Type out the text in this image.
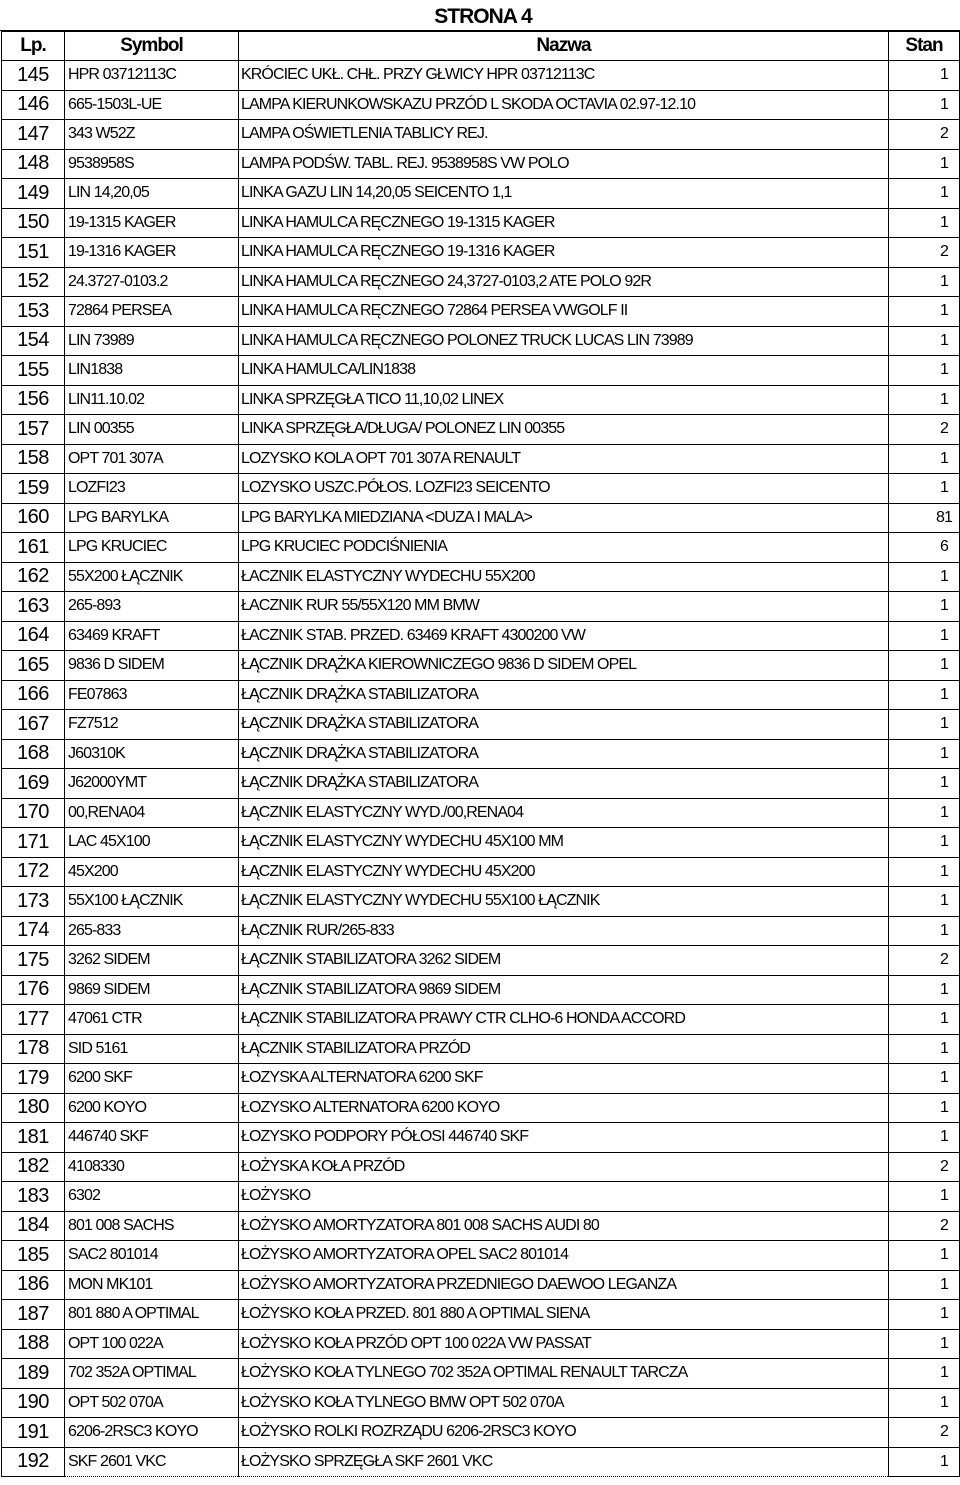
STRONA 4
Lp.	Symbol	Nazwa	Stan
145	HPR 03712113C	KRÓCIEC UKŁ. CHŁ. PRZY GŁWICY HPR 03712113C	1
146	665-1503L-UE	LAMPA KIERUNKOWSKAZU PRZÓD L SKODA OCTAVIA 02.97-12.10	1
147	343 W52Z	LAMPA OŚWIETLENIA TABLICY REJ.	2
148	9538958S	LAMPA PODŚW. TABL. REJ. 9538958S VW POLO	1
149	LIN 14,20,05	LINKA GAZU LIN 14,20,05 SEICENTO 1,1	1
150	19-1315 KAGER	LINKA HAMULCA RĘCZNEGO 19-1315 KAGER	1
151	19-1316 KAGER	LINKA HAMULCA RĘCZNEGO 19-1316 KAGER	2
152	24.3727-0103.2	LINKA HAMULCA RĘCZNEGO 24,3727-0103,2 ATE POLO 92R	1
153	72864 PERSEA	LINKA HAMULCA RĘCZNEGO 72864 PERSEA VWGOLF II	1
154	LIN 73989	LINKA HAMULCA RĘCZNEGO POLONEZ TRUCK LUCAS LIN 73989	1
155	LIN1838	LINKA HAMULCA/LIN1838	1
156	LIN11.10.02	LINKA SPRZĘGŁA TICO 11,10,02 LINEX	1
157	LIN 00355	LINKA SPRZĘGŁA/DŁUGA/ POLONEZ LIN 00355	2
158	OPT 701 307A	LOZYSKO KOLA OPT 701 307A RENAULT	1
159	LOZFI23	LOZYSKO USZC.PÓŁOS. LOZFI23 SEICENTO	1
160	LPG BARYLKA	LPG BARYLKA MIEDZIANA <DUZA I MALA>	81
161	LPG KRUCIEC	LPG KRUCIEC PODCIŚNIENIA	6
162	55X200 ŁĄCZNIK	ŁACZNIK ELASTYCZNY WYDECHU 55X200	1
163	265-893	ŁACZNIK RUR 55/55X120 MM BMW	1
164	63469 KRAFT	ŁACZNIK STAB. PRZED. 63469 KRAFT 4300200 VW	1
165	9836 D SIDEM	ŁĄCZNIK DRĄŻKA KIEROWNICZEGO 9836 D SIDEM OPEL	1
166	FE07863	ŁĄCZNIK DRĄŻKA STABILIZATORA	1
167	FZ7512	ŁĄCZNIK DRĄŻKA STABILIZATORA	1
168	J60310K	ŁĄCZNIK DRĄŻKA STABILIZATORA	1
169	J62000YMT	ŁĄCZNIK DRĄŻKA STABILIZATORA	1
170	00,RENA04	ŁĄCZNIK ELASTYCZNY WYD./00,RENA04	1
171	LAC 45X100	ŁĄCZNIK ELASTYCZNY WYDECHU 45X100 MM	1
172	45X200	ŁĄCZNIK ELASTYCZNY WYDECHU 45X200	1
173	55X100 ŁĄCZNIK	ŁĄCZNIK ELASTYCZNY WYDECHU 55X100 ŁĄCZNIK	1
174	265-833	ŁĄCZNIK RUR/265-833	1
175	3262 SIDEM	ŁĄCZNIK STABILIZATORA 3262 SIDEM	2
176	9869 SIDEM	ŁĄCZNIK STABILIZATORA 9869 SIDEM	1
177	47061 CTR	ŁĄCZNIK STABILIZATORA PRAWY CTR CLHO-6 HONDA ACCORD	1
178	SID 5161	ŁĄCZNIK STABILIZATORA PRZÓD	1
179	6200 SKF	ŁOZYSKA ALTERNATORA 6200 SKF	1
180	6200 KOYO	ŁOZYSKO ALTERNATORA 6200 KOYO	1
181	446740 SKF	ŁOZYSKO PODPORY PÓŁOSI 446740 SKF	1
182	4108330	ŁOŻYSKA KOŁA PRZÓD	2
183	6302	ŁOŻYSKO	1
184	801 008 SACHS	ŁOŻYSKO AMORTYZATORA 801 008 SACHS AUDI 80	2
185	SAC2 801014	ŁOŻYSKO AMORTYZATORA OPEL SAC2 801014	1
186	MON MK101	ŁOŻYSKO AMORTYZATORA PRZEDNIEGO DAEWOO LEGANZA	1
187	801 880 A OPTIMAL	ŁOŻYSKO KOŁA PRZED. 801 880 A OPTIMAL SIENA	1
188	OPT 100 022A	ŁOŻYSKO KOŁA PRZÓD OPT 100 022A VW PASSAT	1
189	702 352A OPTIMAL	ŁOŻYSKO KOŁA TYLNEGO 702 352A OPTIMAL RENAULT TARCZA	1
190	OPT 502 070A	ŁOŻYSKO KOŁA TYLNEGO BMW OPT 502 070A	1
191	6206-2RSC3 KOYO	ŁOŻYSKO ROLKI ROZRZĄDU 6206-2RSC3 KOYO	2
192	SKF 2601 VKC	ŁOŻYSKO SPRZĘGŁA SKF 2601 VKC	1
